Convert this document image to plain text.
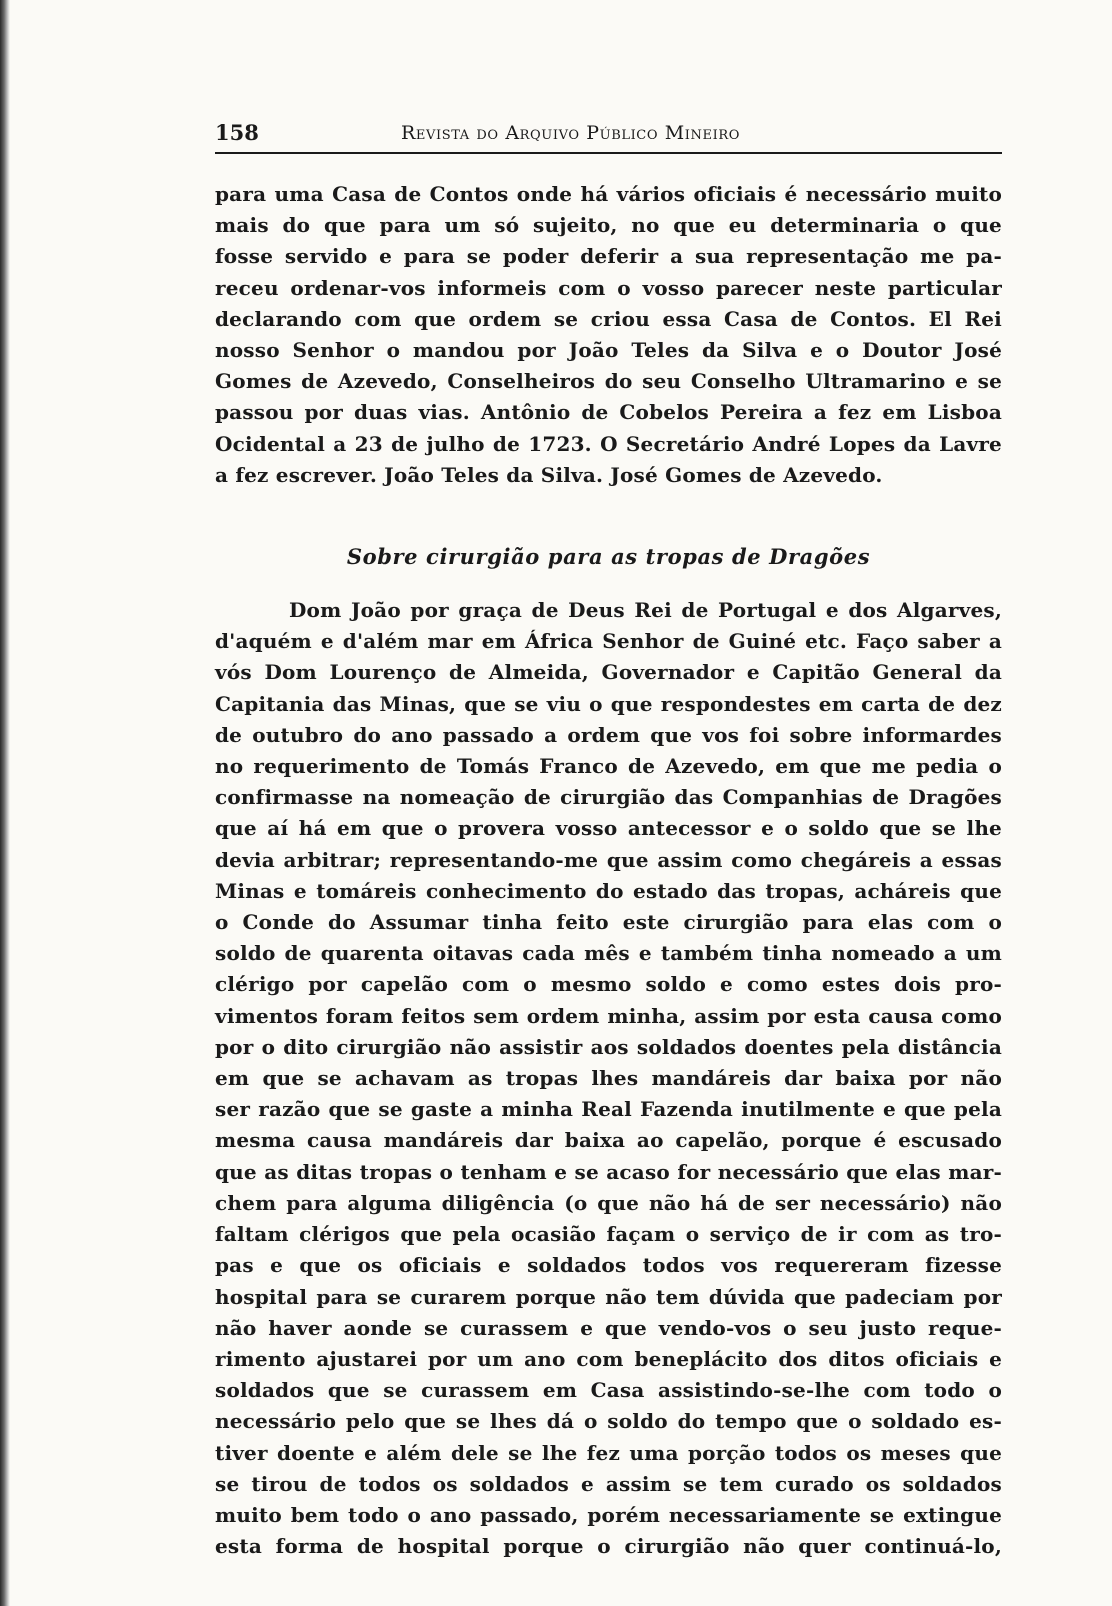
158	Revista do Arquivo Público Mineiro

para uma Casa de Contos onde há vários oficiais é necessário muito
mais do que para um só sujeito, no que eu determinaria o que
fosse servido e para se poder deferir a sua representação me pa-
receu ordenar-vos informeis com o vosso parecer neste particular
declarando com que ordem se criou essa Casa de Contos. El Rei
nosso Senhor o mandou por João Teles da Silva e o Doutor José
Gomes de Azevedo, Conselheiros do seu Conselho Ultramarino e se
passou por duas vias. Antônio de Cobelos Pereira a fez em Lisboa
Ocidental a 23 de julho de 1723. O Secretário André Lopes da Lavre
a fez escrever. João Teles da Silva. José Gomes de Azevedo.

Sobre cirurgião para as tropas de Dragões

Dom João por graça de Deus Rei de Portugal e dos Algarves,
d'aquém e d'além mar em África Senhor de Guiné etc. Faço saber a
vós Dom Lourenço de Almeida, Governador e Capitão General da
Capitania das Minas, que se viu o que respondestes em carta de dez
de outubro do ano passado a ordem que vos foi sobre informardes
no requerimento de Tomás Franco de Azevedo, em que me pedia o
confirmasse na nomeação de cirurgião das Companhias de Dragões
que aí há em que o provera vosso antecessor e o soldo que se lhe
devia arbitrar; representando-me que assim como chegáreis a essas
Minas e tomáreis conhecimento do estado das tropas, acháreis que
o Conde do Assumar tinha feito este cirurgião para elas com o
soldo de quarenta oitavas cada mês e também tinha nomeado a um
clérigo por capelão com o mesmo soldo e como estes dois pro-
vimentos foram feitos sem ordem minha, assim por esta causa como
por o dito cirurgião não assistir aos soldados doentes pela distância
em que se achavam as tropas lhes mandáreis dar baixa por não
ser razão que se gaste a minha Real Fazenda inutilmente e que pela
mesma causa mandáreis dar baixa ao capelão, porque é escusado
que as ditas tropas o tenham e se acaso for necessário que elas mar-
chem para alguma diligência (o que não há de ser necessário) não
faltam clérigos que pela ocasião façam o serviço de ir com as tro-
pas e que os oficiais e soldados todos vos requereram fizesse
hospital para se curarem porque não tem dúvida que padeciam por
não haver aonde se curassem e que vendo-vos o seu justo reque-
rimento ajustarei por um ano com beneplácito dos ditos oficiais e
soldados que se curassem em Casa assistindo-se-lhe com todo o
necessário pelo que se lhes dá o soldo do tempo que o soldado es-
tiver doente e além dele se lhe fez uma porção todos os meses que
se tirou de todos os soldados e assim se tem curado os soldados
muito bem todo o ano passado, porém necessariamente se extingue
esta forma de hospital porque o cirurgião não quer continuá-lo,
